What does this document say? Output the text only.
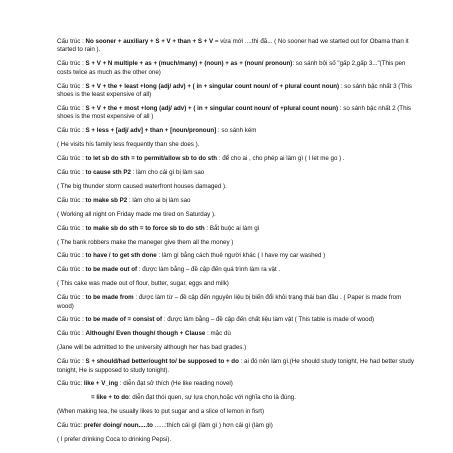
Cấu trúc : No sooner + auxiliary + S + V + than + S + V = vừa mới ....thì đã... ( No sooner had we started out for Obama than it started to rain ).
Cấu trúc : S + V + N multiple + as + (much/many) + (noun) + as + (noun/ pronoun): so sánh bội số "gấp 2,gấp 3..."(This pen costs twice as much as the other one)
Cấu trúc : S + V + the + least +long (adj/ adv) + ( in + singular count noun/ of + plural count noun) : so sánh bậc nhất 3 (This shoes is the least expensive of all)
Cấu trúc : S + V + the + most +long (adj/ adv) + ( in + singular count noun/ of +plural count noun) : so sánh bậc nhất 2 (This shoes is the most expensive of all )
Cấu trúc : S + less + [adj/ adv] + than + [noun/pronoun] : so sánh kém
( He visits his family less frequently than she does ).
Cấu trúc : to let sb do sth = to permit/allow sb to do sth : để cho ai , cho phép ai làm gì ( I let me go ) .
Cấu trúc : to cause sth P2 : làm cho cái gì bị làm sao
( The big thunder storm caused waterfront houses damaged ).
Cấu trúc : to make sb P2 : làm cho ai bị làm sao
( Working all night on Friday made me tired on Saturday ).
Cấu trúc : to make sb do sth = to force sb to do sth : Bắt buộc ai làm gì
( The bank robbers make the maneger give them all the money )
Cấu trúc : to have / to get sth done : làm gì bằng cách thuê người khác ( I have my car washed )
Cấu trúc : to be made out of : được làm bằng – đề cập đến quá trình làm ra vật .
( This cake was made out of flour, butter, sugar, eggs and milk)
Cấu trúc : to be made from : được làm từ – đề cập đến ngụyên liệu bị biến đổi khỏi trạng thái ban đầu . ( Paper is made from wood)
Cấu trúc : to be made of = consist of : được làm bằng – đề cập đến chất liệu làm vật ( This table is made of wood)
Cấu trúc : Although/ Even though/ though + Clause : mặc dù
(Jane will be admitted to the university although her has bad grades.)
Cấu trúc : S + should/had better/ought to/ be supposed to + do : ai đó nên làm gì.(He should study tonight, He had better study tonight, He is supposed to study tonight).
Cấu trúc: like + V_ing : diễn đạt sở thích (He like reading novel)
= like + to do: diễn đạt thói quen, sự lựa chọn,hoặc với nghĩa cho là đúng.
(When making tea, he usually likes to put sugar and a slice of lemon in fisrt)
Cấu trúc: prefer doing/ noun.....to ......:thích cái gì (làm gì ) hơn cái gì (làm gì)
( I prefer drinking Coca to drinking Pepsi).
